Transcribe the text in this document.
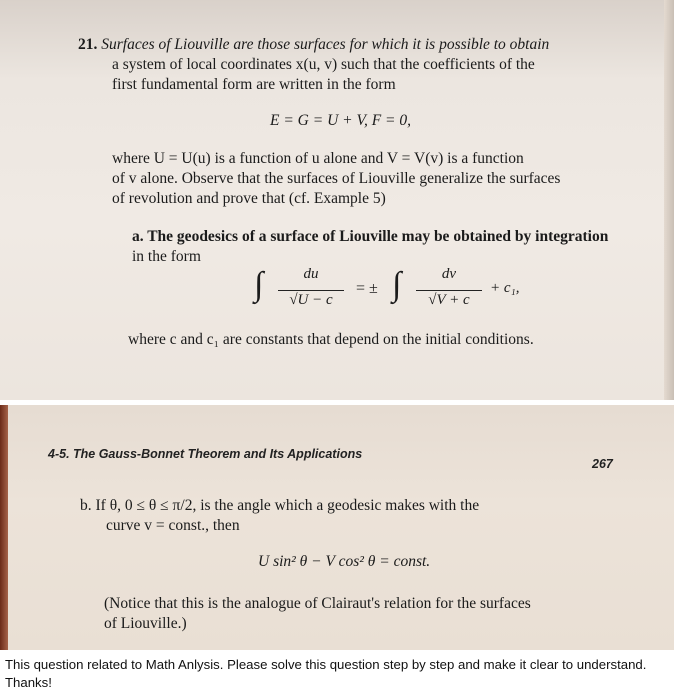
21. Surfaces of Liouville are those surfaces for which it is possible to obtain
a system of local coordinates x(u, v) such that the coefficients of the
first fundamental form are written in the form
E = G = U + V, F = 0,
where U = U(u) is a function of u alone and V = V(v) is a function
of v alone. Observe that the surfaces of Liouville generalize the surfaces
of revolution and prove that (cf. Example 5)
a. The geodesics of a surface of Liouville may be obtained by integration
in the form
∫	du
√U − c
= ± ∫	dv
√V + c
+ c₁,
where c and c₁ are constants that depend on the initial conditions.
4-5. The Gauss-Bonnet Theorem and Its Applications
267
b. If θ, 0 ≤ θ ≤ π/2, is the angle which a geodesic makes with the
curve v = const., then
U sin² θ − V cos² θ = const.
(Notice that this is the analogue of Clairaut's relation for the surfaces
of Liouville.)
This question related to Math Anlysis. Please solve this question step by step and make it clear to understand. Thanks!
